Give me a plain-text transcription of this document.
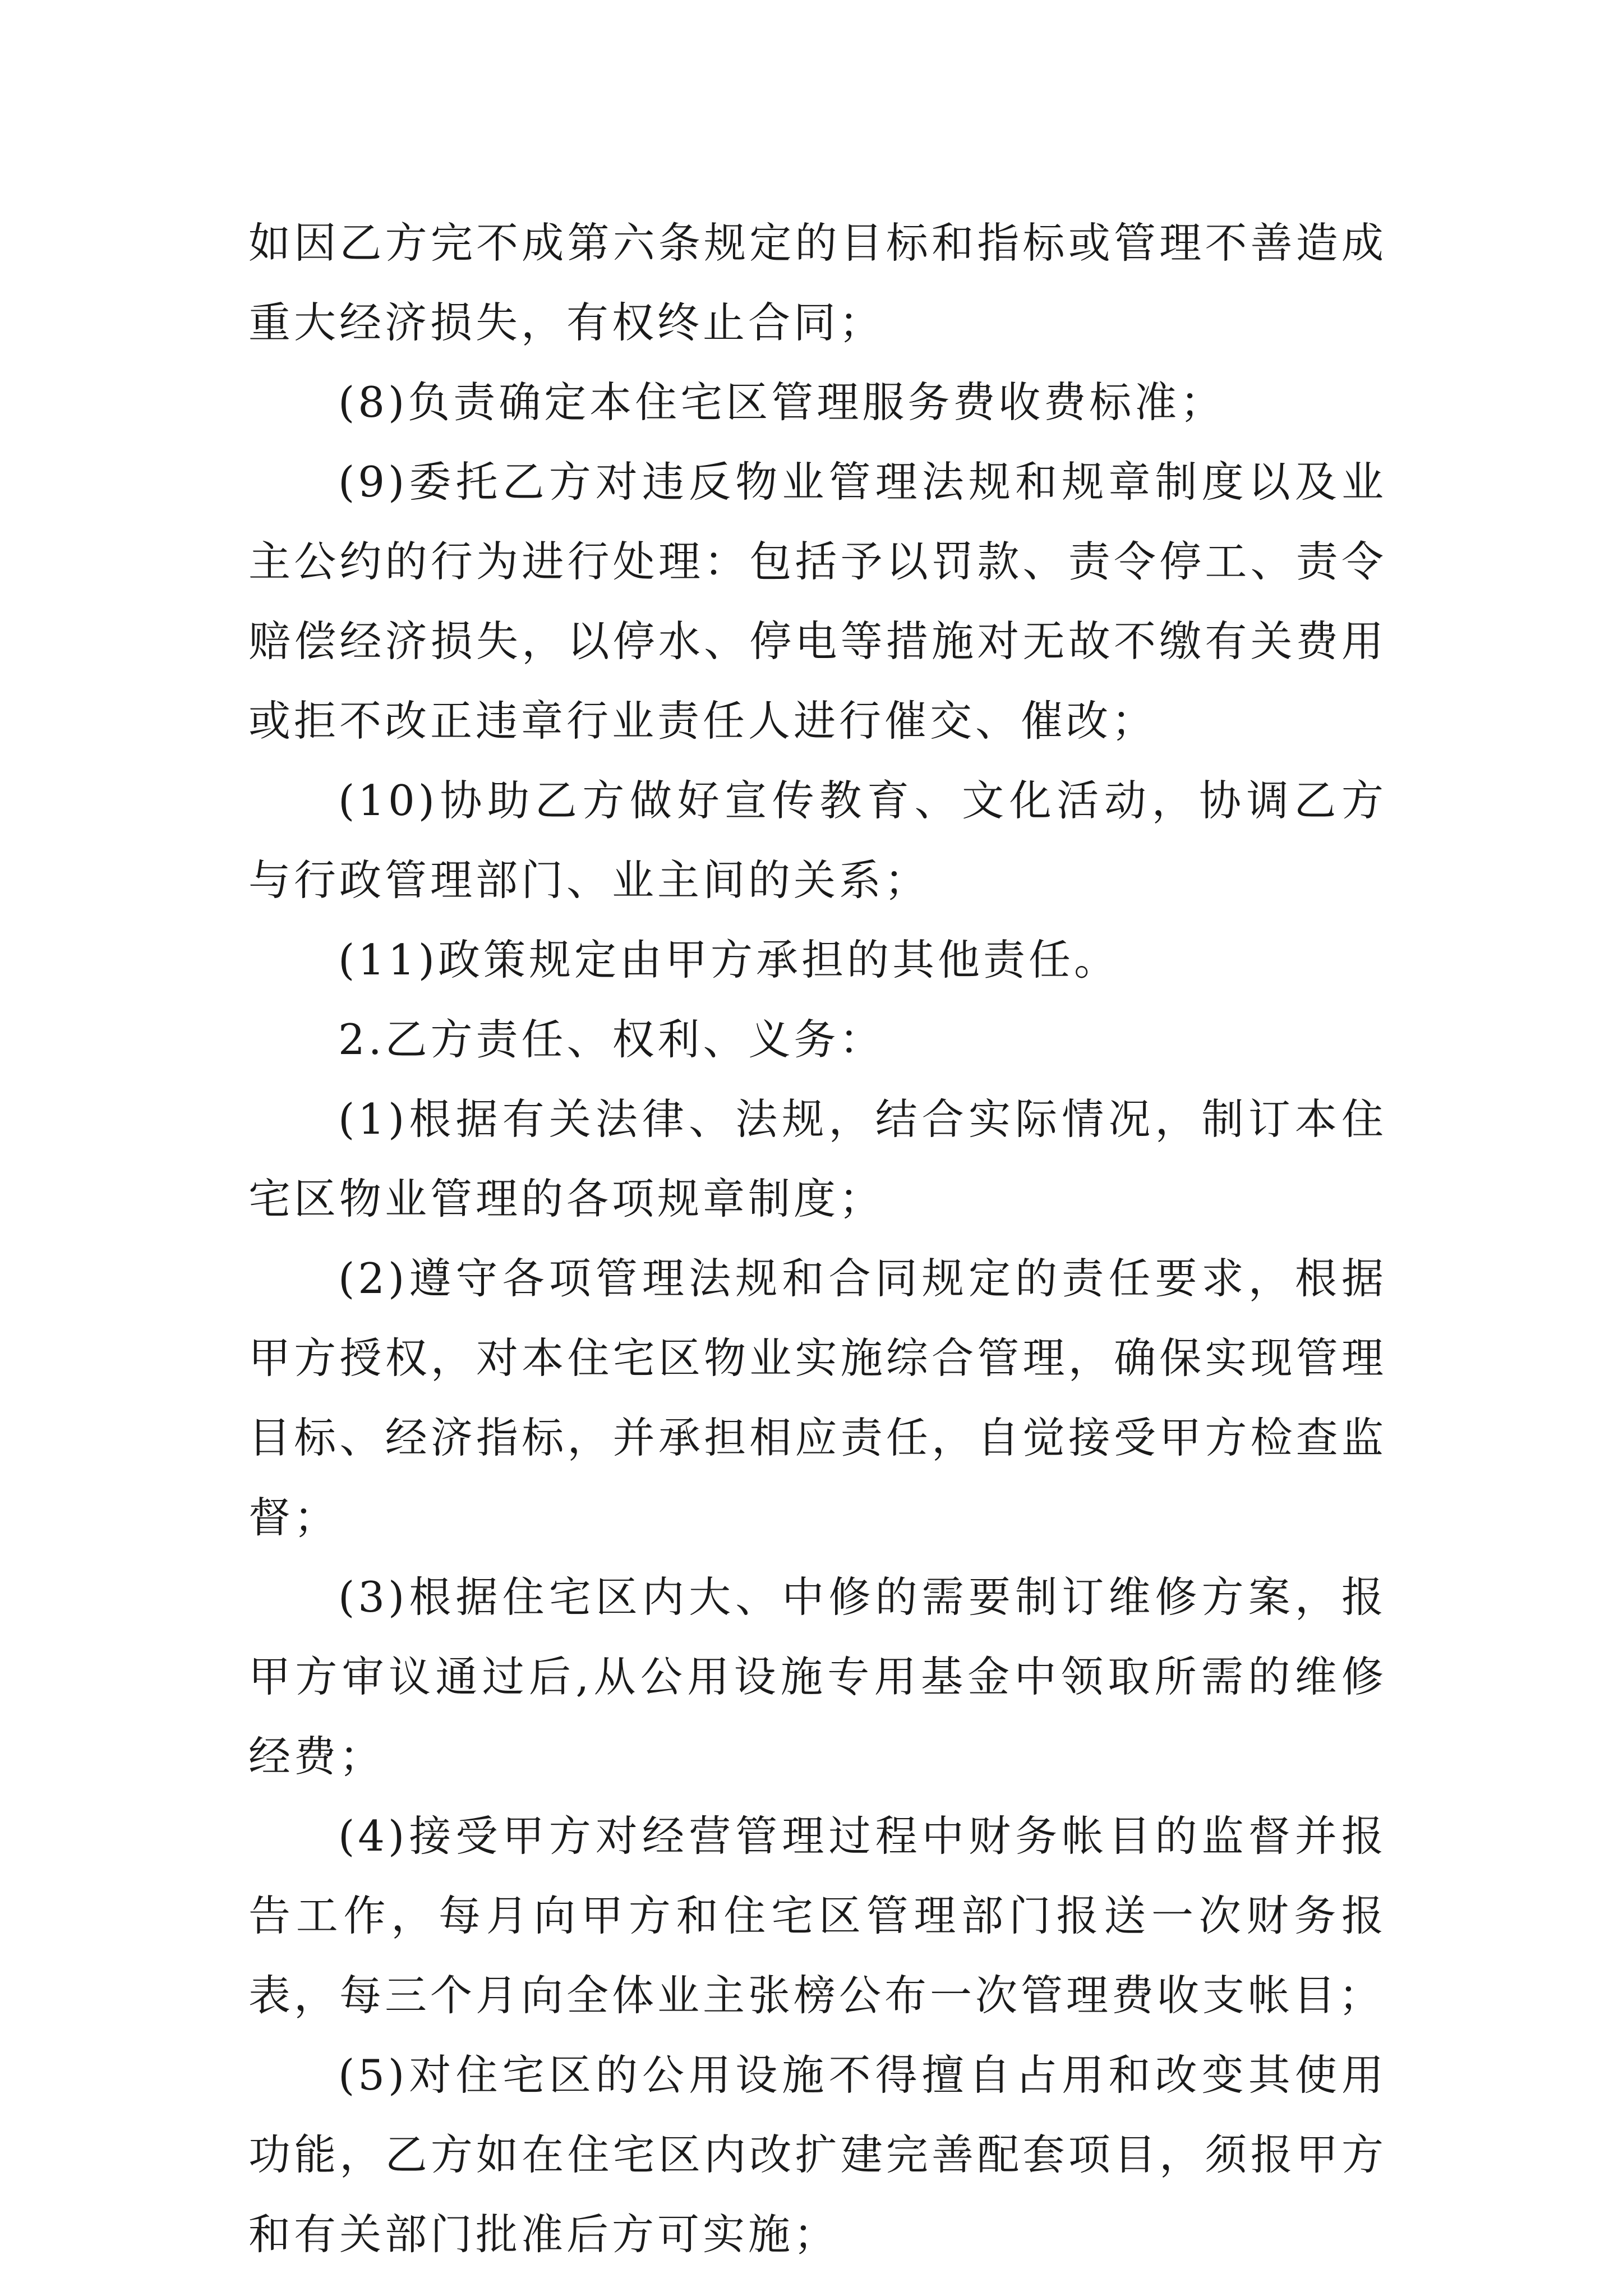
如因乙方完不成第六条规定的目标和指标或管理不善造成重大经济损失，有权终止合同；

(8)负责确定本住宅区管理服务费收费标准；

(9)委托乙方对违反物业管理法规和规章制度以及业主公约的行为进行处理：包括予以罚款、责令停工、责令赔偿经济损失，以停水、停电等措施对无故不缴有关费用或拒不改正违章行业责任人进行催交、催改；

(10)协助乙方做好宣传教育、文化活动，协调乙方与行政管理部门、业主间的关系；

(11)政策规定由甲方承担的其他责任。

2.乙方责任、权利、义务：

(1)根据有关法律、法规，结合实际情况，制订本住宅区物业管理的各项规章制度；

(2)遵守各项管理法规和合同规定的责任要求，根据甲方授权，对本住宅区物业实施综合管理，确保实现管理目标、经济指标，并承担相应责任，自觉接受甲方检查监督；

(3)根据住宅区内大、中修的需要制订维修方案，报甲方审议通过后,从公用设施专用基金中领取所需的维修经费；

(4)接受甲方对经营管理过程中财务帐目的监督并报告工作，每月向甲方和住宅区管理部门报送一次财务报表，每三个月向全体业主张榜公布一次管理费收支帐目；

(5)对住宅区的公用设施不得擅自占用和改变其使用功能，乙方如在住宅区内改扩建完善配套项目，须报甲方和有关部门批准后方可实施；
